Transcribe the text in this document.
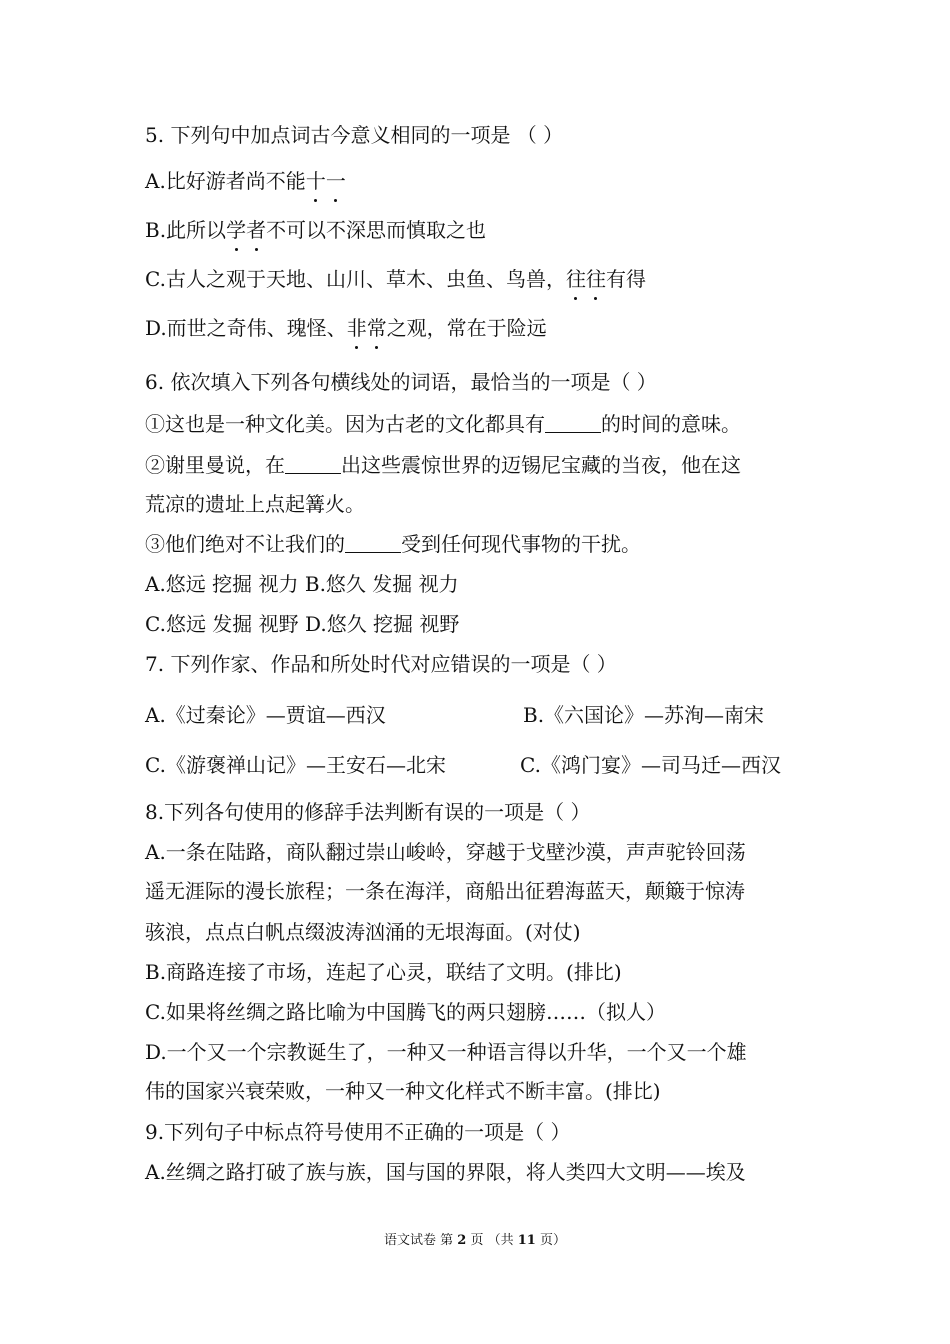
5. 下列句中加点词古今意义相同的一项是 （ ）
A.比好游者尚不能十一
B.此所以学者不可以不深思而慎取之也
C.古人之观于天地、山川、草木、虫鱼、鸟兽，往往有得
D.而世之奇伟、瑰怪、非常之观，常在于险远
6. 依次填入下列各句横线处的词语，最恰当的一项是（ ）
①这也是一种文化美。因为古老的文化都具有	的时间的意味。
②谢里曼说，在	出这些震惊世界的迈锡尼宝藏的当夜，他在这
荒凉的遗址上点起篝火。
③他们绝对不让我们的	受到任何现代事物的干扰。
A.悠远 挖掘 视力 B.悠久 发掘 视力
C.悠远 发掘 视野 D.悠久 挖掘 视野
7. 下列作家、作品和所处时代对应错误的一项是（ ）
A.《过秦论》—贾谊—西汉	B.《六国论》—苏洵—南宋
C.《游褒禅山记》—王安石—北宋	C.《鸿门宴》—司马迁—西汉
8.下列各句使用的修辞手法判断有误的一项是（ ）
A.一条在陆路，商队翻过崇山峻岭，穿越于戈壁沙漠，声声驼铃回荡
遥无涯际的漫长旅程；一条在海洋，商船出征碧海蓝天，颠簸于惊涛
骇浪，点点白帆点缀波涛汹涌的无垠海面。(对仗)
B.商路连接了市场，连起了心灵，联结了文明。(排比)
C.如果将丝绸之路比喻为中国腾飞的两只翅膀……（拟人）
D.一个又一个宗教诞生了，一种又一种语言得以升华，一个又一个雄
伟的国家兴衰荣败，一种又一种文化样式不断丰富。(排比)
9.下列句子中标点符号使用不正确的一项是（ ）
A.丝绸之路打破了族与族，国与国的界限，将人类四大文明——埃及
语文试卷 第 2 页 （共 11 页）
